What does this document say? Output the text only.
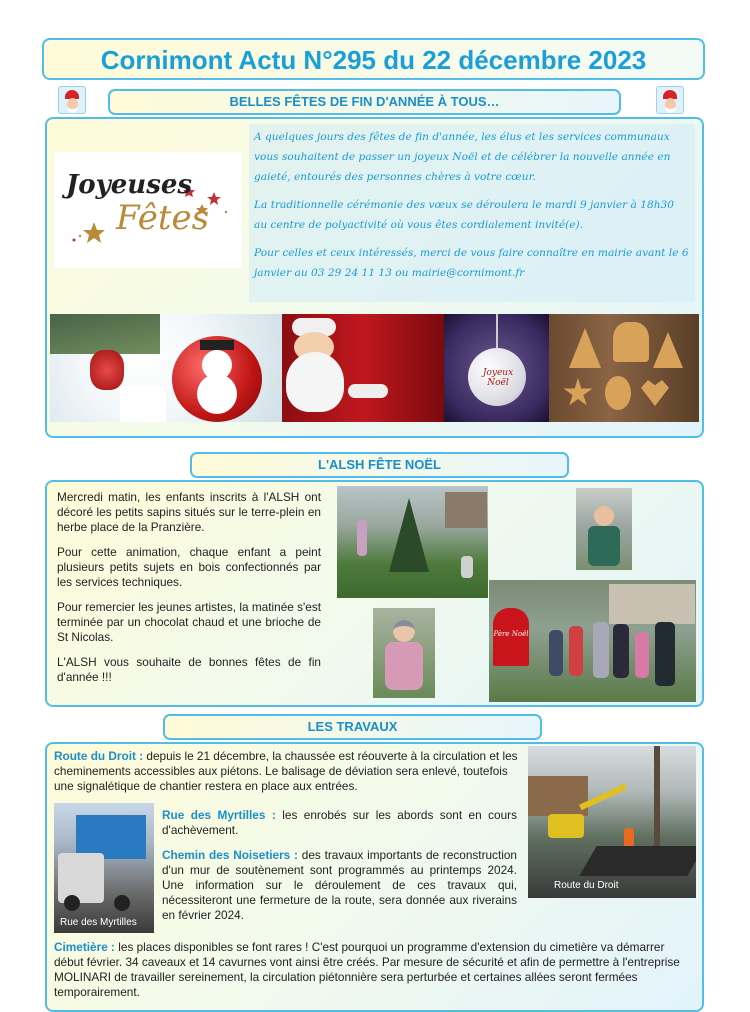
Cornimont Actu N°295 du 22 décembre 2023
BELLES FÊTES DE FIN D'ANNÉE À TOUS…
Joyeuses
Fêtes

A quelques jours des fêtes de fin d'année, les élus et les services communaux vous souhaitent de passer un joyeux Noël et de célébrer la nouvelle année en gaieté, entourés des personnes chères à votre cœur.

La traditionnelle cérémonie des vœux se déroulera le mardi 9 janvier à 18h30 au centre de polyactivité où vous êtes cordialement invité(e).

Pour celles et ceux intéressés, merci de vous faire connaître en mairie avant le 6 janvier au 03 29 24 11 13 ou mairie@cornimont.fr

Joyeux Noël
L'ALSH FÊTE NOËL

Mercredi matin, les enfants inscrits à l'ALSH ont décoré les petits sapins situés sur le terre-plein en herbe place de la Pranzière.

Pour cette animation, chaque enfant a peint plusieurs petits sujets en bois confectionnés par les services techniques.

Pour remercier les jeunes artistes, la matinée s'est terminée par un chocolat chaud et une brioche de St Nicolas.

L'ALSH vous souhaite de bonnes fêtes de fin d'année !!!

Père Noël
LES TRAVAUX
Route du Droit : depuis le 21 décembre, la chaussée est réouverte à la circulation et les cheminements accessibles aux piétons. Le balisage de déviation sera enlevé, toutefois une signalétique de chantier restera en place aux entrées.
Rue des Myrtilles

Rue des Myrtilles : les enrobés sur les abords sont en cours d'achèvement.

Chemin des Noisetiers : des travaux importants de reconstruction d'un mur de soutènement sont programmés au printemps 2024. Une information sur le déroulement de ces travaux qui, nécessiteront une fermeture de la route, sera donnée aux riverains en février 2024.

Route du Droit
Cimetière : les places disponibles se font rares ! C'est pourquoi un programme d'extension du cimetière va démarrer début février. 34 caveaux et 14 cavurnes vont ainsi être créés. Par mesure de sécurité et afin de permettre à l'entreprise MOLINARI de travailler sereinement, la circulation piétonnière sera perturbée et certaines allées seront fermées temporairement.
